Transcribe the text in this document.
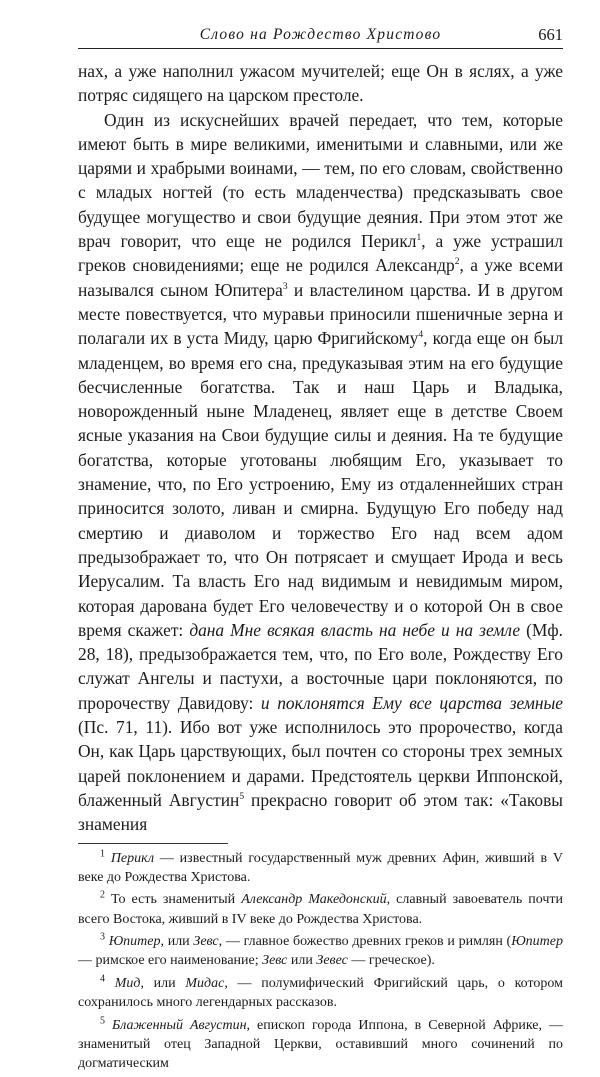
Слово на Рождество Христово	661

нах, а уже наполнил ужасом мучителей; еще Он в яслях, а уже потряс сидящего на царском престоле.

Один из искуснейших врачей передает, что тем, которые имеют быть в мире великими, именитыми и славными, или же царями и храбрыми воинами, — тем, по его словам, свойственно с младых ногтей (то есть младенчества) предсказывать свое будущее могущество и свои будущие деяния. При этом этот же врач говорит, что еще не родился Перикл$^1$, а уже устрашил греков сновидениями; еще не родился Александр$^2$, а уже всеми назывался сыном Юпитера$^3$ и властелином царства. И в другом месте повествуется, что муравьи приносили пшеничные зерна и полагали их в уста Миду, царю Фригийскому$^4$, когда еще он был младенцем, во время его сна, предуказывая этим на его будущие бесчисленные богатства. Так и наш Царь и Владыка, новорожденный ныне Младенец, являет еще в детстве Своем ясные указания на Свои будущие силы и деяния. На те будущие богатства, которые уготованы любящим Его, указывает то знамение, что, по Его устроению, Ему из отдаленнейших стран приносится золото, ливан и смирна. Будущую Его победу над смертию и диаволом и торжество Его над всем адом предызображает то, что Он потрясает и смущает Ирода и весь Иерусалим. Та власть Его над видимым и невидимым миром, которая дарована будет Его человечеству и о которой Он в свое время скажет: дана Мне всякая власть на небе и на земле (Мф. 28, 18), предызображается тем, что, по Его воле, Рождеству Его служат Ангелы и пастухи, а восточные цари поклоняются, по пророчеству Давидову: и поклонятся Ему все царства земные (Пс. 71, 11). Ибо вот уже исполнилось это пророчество, когда Он, как Царь царствующих, был почтен со стороны трех земных царей поклонением и дарами. Предстоятель церкви Иппонской, блаженный Августин$^5$ прекрасно говорит об этом так: «Таковы знамения

$^1$ Перикл — известный государственный муж древних Афин, живший в V веке до Рождества Христова.

$^2$ То есть знаменитый Александр Македонский, славный завоеватель почти всего Востока, живший в IV веке до Рождества Христова.

$^3$ Юпитер, или Зевс, — главное божество древних греков и римлян (Юпитер — римское его наименование; Зевс или Зевес — греческое).

$^4$ Мид, или Мидас, — полумифический Фригийский царь, о котором сохранилось много легендарных рассказов.

$^5$ Блаженный Августин, епископ города Иппона, в Северной Африке, — знаменитый отец Западной Церкви, оставивший много сочинений по догматическим
